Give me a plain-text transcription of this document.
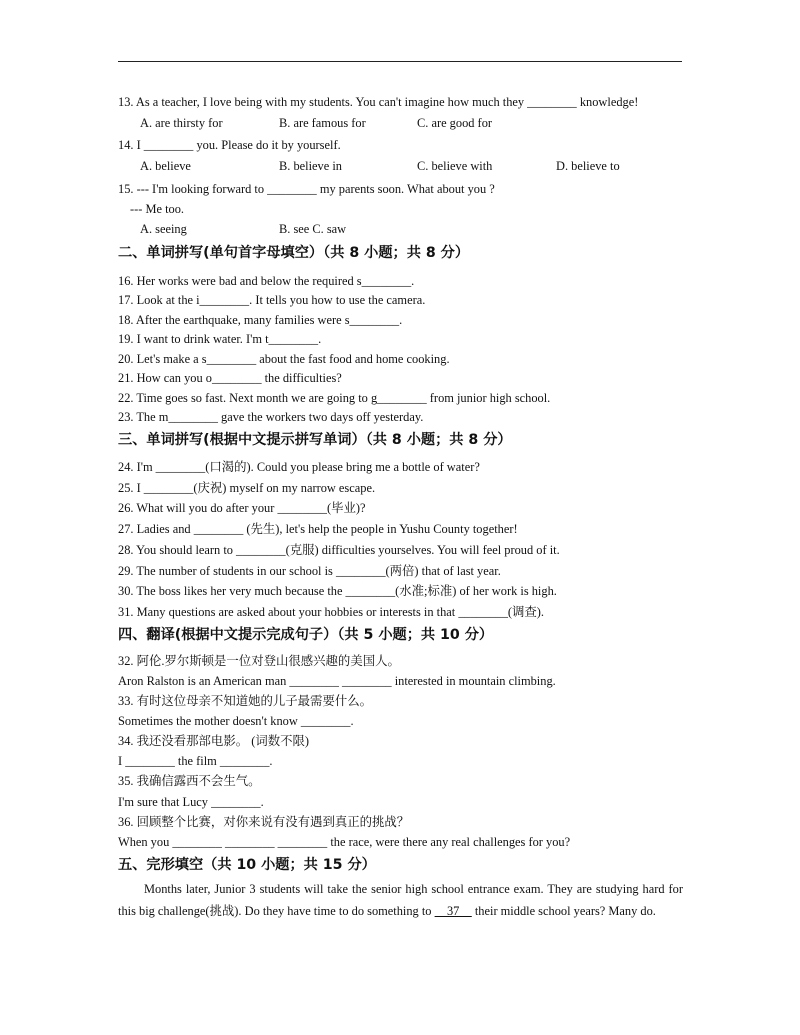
13. As a teacher, I love being with my students. You can't imagine how much they ________ knowledge!
A. are thirsty for	B. are famous for	C. are good for
14. I ________ you. Please do it by yourself.
A. believe	B. believe in	C. believe with	D. believe to
15. --- I'm looking forward to ________ my parents soon. What about you ?
--- Me too.
A. seeing	B. see C. saw
二、单词拼写(单句首字母填空）（共 8 小题；共 8 分）
16. Her works were bad and below the required s________.
17. Look at the i________. It tells you how to use the camera.
18. After the earthquake, many families were s________.
19. I want to drink water. I'm t________.
20. Let's make a s________ about the fast food and home cooking.
21. How can you o________ the difficulties?
22. Time goes so fast. Next month we are going to g________ from junior high school.
23. The m________ gave the workers two days off yesterday.
三、单词拼写(根据中文提示拼写单词）（共 8 小题；共 8 分）
24. I'm ________(口渴的). Could you please bring me a bottle of water?
25. I ________(庆祝) myself on my narrow escape.
26. What will you do after your ________(毕业)?
27. Ladies and ________ (先生), let's help the people in Yushu County together!
28. You should learn to ________(克服) difficulties yourselves. You will feel proud of it.
29. The number of students in our school is ________(两倍) that of last year.
30. The boss likes her very much because the ________(水准;标准) of her work is high.
31. Many questions are asked about your hobbies or interests in that ________(调查).
四、翻译(根据中文提示完成句子）（共 5 小题；共 10 分）
32. 阿伦.罗尔斯顿是一位对登山很感兴趣的美国人。
Aron Ralston is an American man ________ ________ interested in mountain climbing.
33. 有时这位母亲不知道她的儿子最需要什么。
Sometimes the mother doesn't know ________.
34. 我还没看那部电影。 (词数不限)
I ________ the film ________.
35. 我确信露西不会生气。
I'm sure that Lucy ________.
36. 回顾整个比赛，对你来说有没有遇到真正的挑战？
When you ________ ________ ________ the race, were there any real challenges for you?
五、完形填空（共 10 小题；共 15 分）
Months later, Junior 3 students will take the senior high school entrance exam. They are studying hard for this big challenge(挑战). Do they have time to do something to     37     their middle school years? Many do.
